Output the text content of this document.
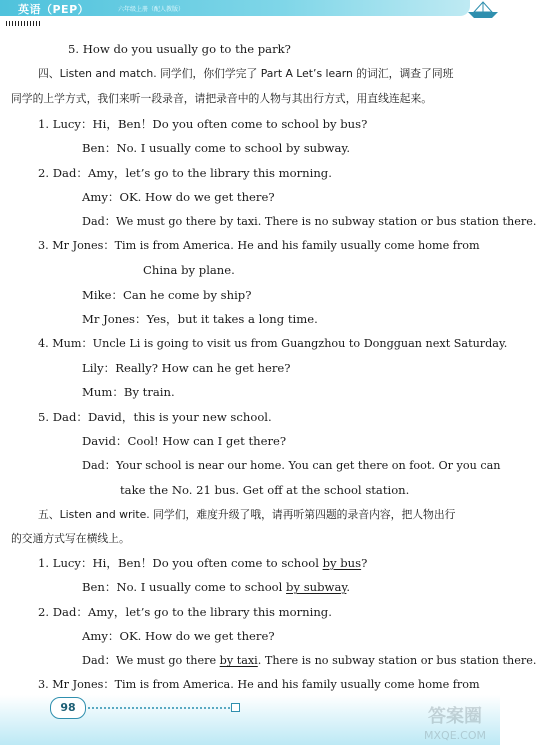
英语（PEP）	六年级上册（配人教版）
5. How do you usually go to the park?
四、Listen and match. 同学们，你们学完了 Part A Let’s learn 的词汇，调查了同班
同学的上学方式，我们来听一段录音，请把录音中的人物与其出行方式，用直线连起来。
1. Lucy：Hi，Ben！Do you often come to school by bus?
Ben：No. I usually come to school by subway.
2. Dad：Amy，let’s go to the library this morning.
Amy：OK. How do we get there?
Dad：We must go there by taxi. There is no subway station or bus station there.
3. Mr Jones：Tim is from America. He and his family usually come home from
China by plane.
Mike：Can he come by ship?
Mr Jones：Yes，but it takes a long time.
4. Mum：Uncle Li is going to visit us from Guangzhou to Dongguan next Saturday.
Lily：Really? How can he get here?
Mum：By train.
5. Dad：David，this is your new school.
David：Cool! How can I get there?
Dad：Your school is near our home. You can get there on foot. Or you can
take the No. 21 bus. Get off at the school station.
五、Listen and write. 同学们，难度升级了哦，请再听第四题的录音内容，把人物出行
的交通方式写在横线上。
1. Lucy：Hi，Ben！Do you often come to school by bus?
Ben：No. I usually come to school by subway.
2. Dad：Amy，let’s go to the library this morning.
Amy：OK. How do we get there?
Dad：We must go there by taxi. There is no subway station or bus station there.
3. Mr Jones：Tim is from America. He and his family usually come home from
98	答案圈
MXQE.COM
